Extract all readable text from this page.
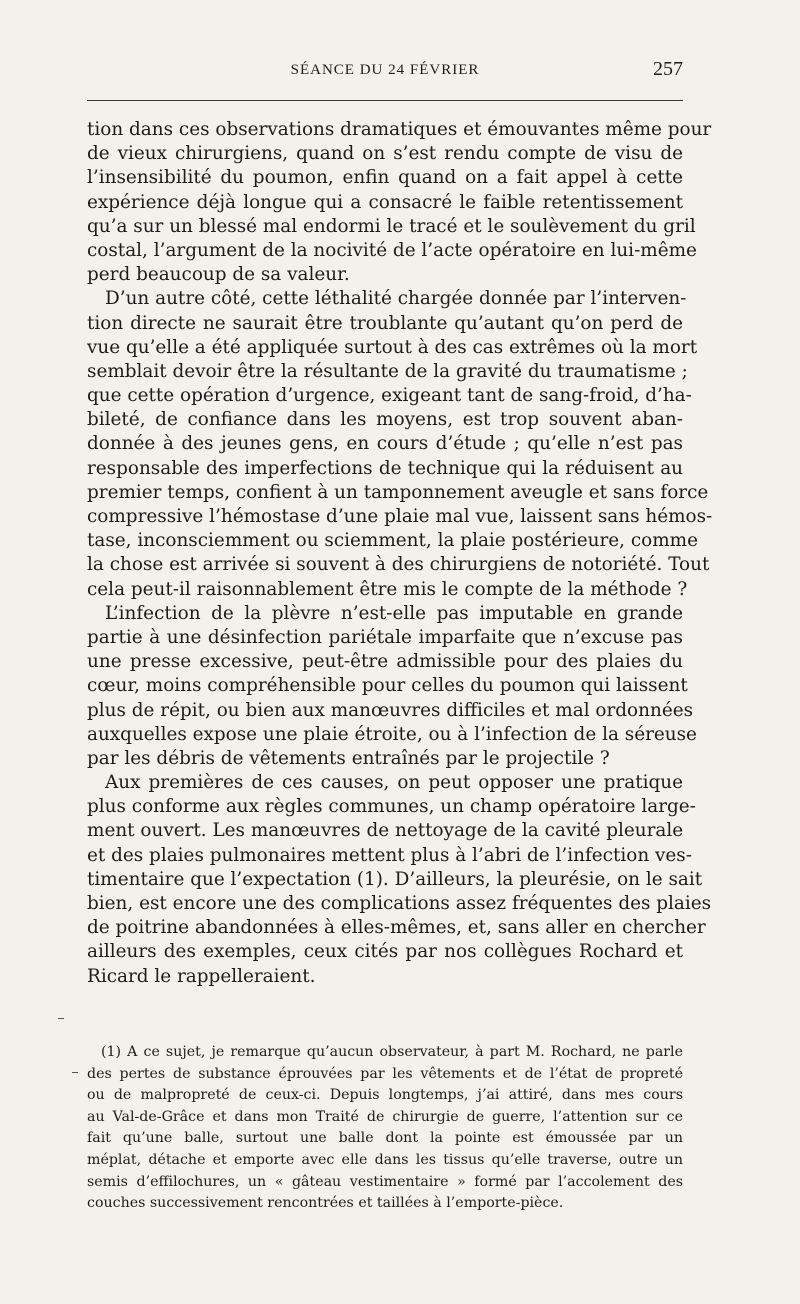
SÉANCE DU 24 FÉVRIER	257
tion dans ces observations dramatiques et émouvantes même pour
de vieux chirurgiens, quand on s’est rendu compte de visu de
l’insensibilité du poumon, enfin quand on a fait appel à cette
expérience déjà longue qui a consacré le faible retentissement
qu’a sur un blessé mal endormi le tracé et le soulèvement du gril
costal, l’argument de la nocivité de l’acte opératoire en lui-même
perd beaucoup de sa valeur.
D’un autre côté, cette léthalité chargée donnée par l’interven-
tion directe ne saurait être troublante qu’autant qu’on perd de
vue qu’elle a été appliquée surtout à des cas extrêmes où la mort
semblait devoir être la résultante de la gravité du traumatisme ;
que cette opération d’urgence, exigeant tant de sang-froid, d’ha-
bileté, de confiance dans les moyens, est trop souvent aban-
donnée à des jeunes gens, en cours d’étude ; qu’elle n’est pas
responsable des imperfections de technique qui la réduisent au
premier temps, confient à un tamponnement aveugle et sans force
compressive l’hémostase d’une plaie mal vue, laissent sans hémos-
tase, inconsciemment ou sciemment, la plaie postérieure, comme
la chose est arrivée si souvent à des chirurgiens de notoriété. Tout
cela peut-il raisonnablement être mis le compte de la méthode ?
L’infection de la plèvre n’est-elle pas imputable en grande
partie à une désinfection pariétale imparfaite que n’excuse pas
une presse excessive, peut-être admissible pour des plaies du
cœur, moins compréhensible pour celles du poumon qui laissent
plus de répit, ou bien aux manœuvres difficiles et mal ordonnées
auxquelles expose une plaie étroite, ou à l’infection de la séreuse
par les débris de vêtements entraînés par le projectile ?
Aux premières de ces causes, on peut opposer une pratique
plus conforme aux règles communes, un champ opératoire large-
ment ouvert. Les manœuvres de nettoyage de la cavité pleurale
et des plaies pulmonaires mettent plus à l’abri de l’infection ves-
timentaire que l’expectation (1). D’ailleurs, la pleurésie, on le sait
bien, est encore une des complications assez fréquentes des plaies
de poitrine abandonnées à elles-mêmes, et, sans aller en chercher
ailleurs des exemples, ceux cités par nos collègues Rochard et
Ricard le rappelleraient.
(1) A ce sujet, je remarque qu’aucun observateur, à part M. Rochard, ne parle
des pertes de substance éprouvées par les vêtements et de l’état de propreté
ou de malpropreté de ceux-ci. Depuis longtemps, j’ai attiré, dans mes cours
au Val-de-Grâce et dans mon Traité de chirurgie de guerre, l’attention sur ce
fait qu’une balle, surtout une balle dont la pointe est émoussée par un
méplat, détache et emporte avec elle dans les tissus qu’elle traverse, outre un
semis d’effilochures, un « gâteau vestimentaire » formé par l’accolement des
couches successivement rencontrées et taillées à l’emporte-pièce.
